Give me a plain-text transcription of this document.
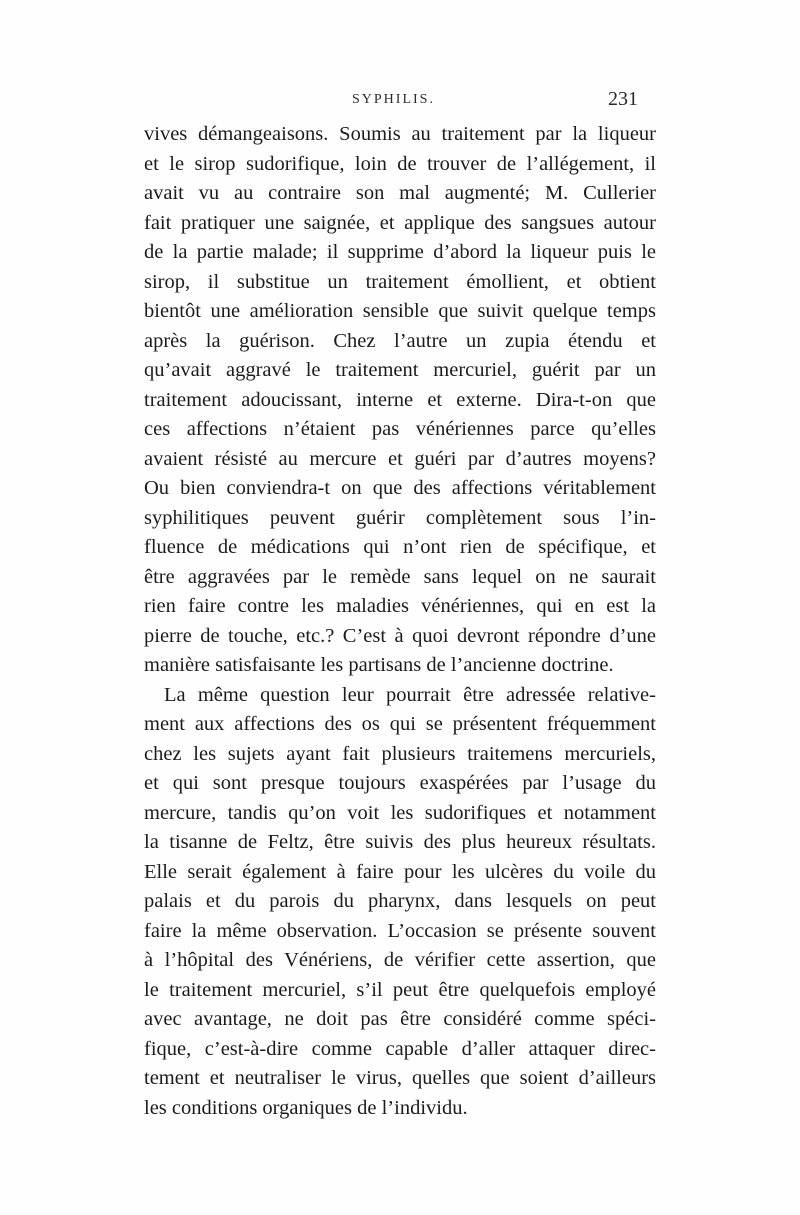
SYPHILIS.	231
vives démangeaisons. Soumis au traitement par la liqueur
et le sirop sudorifique, loin de trouver de l’allégement, il
avait vu au contraire son mal augmenté; M. Cullerier
fait pratiquer une saignée, et applique des sangsues autour
de la partie malade; il supprime d’abord la liqueur puis le
sirop, il substitue un traitement émollient, et obtient
bientôt une amélioration sensible que suivit quelque temps
après la guérison. Chez l’autre un zupia étendu et
qu’avait aggravé le traitement mercuriel, guérit par un
traitement adoucissant, interne et externe. Dira-t-on que
ces affections n’étaient pas vénériennes parce qu’elles
avaient résisté au mercure et guéri par d’autres moyens?
Ou bien conviendra-t on que des affections véritablement
syphilitiques peuvent guérir complètement sous l’in-
fluence de médications qui n’ont rien de spécifique, et
être aggravées par le remède sans lequel on ne saurait
rien faire contre les maladies vénériennes, qui en est la
pierre de touche, etc.? C’est à quoi devront répondre d’une
manière satisfaisante les partisans de l’ancienne doctrine.
La même question leur pourrait être adressée relative-
ment aux affections des os qui se présentent fréquemment
chez les sujets ayant fait plusieurs traitemens mercuriels,
et qui sont presque toujours exaspérées par l’usage du
mercure, tandis qu’on voit les sudorifiques et notamment
la tisanne de Feltz, être suivis des plus heureux résultats.
Elle serait également à faire pour les ulcères du voile du
palais et du parois du pharynx, dans lesquels on peut
faire la même observation. L’occasion se présente souvent
à l’hôpital des Vénériens, de vérifier cette assertion, que
le traitement mercuriel, s’il peut être quelquefois employé
avec avantage, ne doit pas être considéré comme spéci-
fique, c’est-à-dire comme capable d’aller attaquer direc-
tement et neutraliser le virus, quelles que soient d’ailleurs
les conditions organiques de l’individu.
